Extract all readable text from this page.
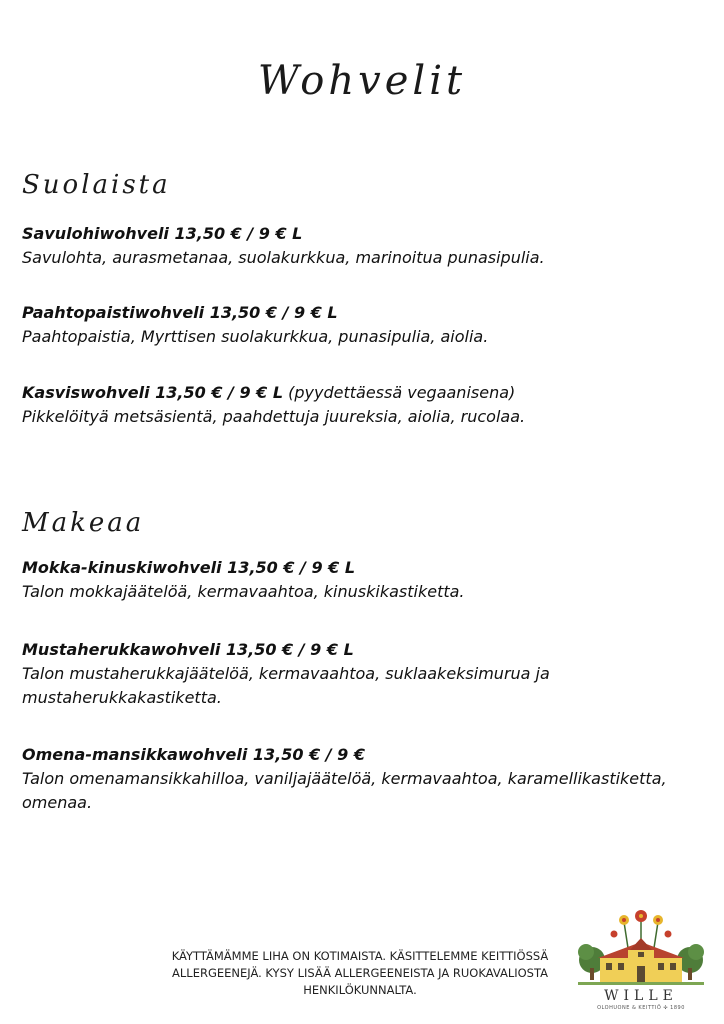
Wohvelit
Suolaista
Savulohiwohveli 13,50 € / 9 € L
Savulohta, aurasmetanaa, suolakurkkua, marinoitua punasipulia.
Paahtopaistiwohveli 13,50 € / 9 € L
Paahtopaistia, Myrttisen suolakurkkua, punasipulia, aiolia.
Kasviswohveli 13,50 € / 9 € L (pyydettäessä vegaanisena)
Pikkelöityä metsäsientä, paahdettuja juureksia, aiolia, rucolaa.
Makeaa
Mokka-kinuskiwohveli 13,50 € / 9 € L
Talon mokkajäätelöä, kermavaahtoa, kinuskikastiketta.
Mustaherukkawohveli 13,50 € / 9 € L
Talon mustaherukkajäätelöä, kermavaahtoa, suklaakeksimurua ja mustaherukkakastiketta.
Omena-mansikkawohveli 13,50 € / 9 €
Talon omenamansikkahilloa, vaniljajäätelöä, kermavaahtoa, karamellikastiketta, omenaa.
KÄYTTÄMÄMME LIHA ON KOTIMAISTA. KÄSITTELEMME KEITTIÖSSÄ ALLERGEENEJÄ. KYSY LISÄÄ ALLERGEENEISTA JA RUOKAVALIOSTA HENKILÖKUNNALTA.	WILLE
OLOHUONE & KEITTIÖ ✣ 1890
